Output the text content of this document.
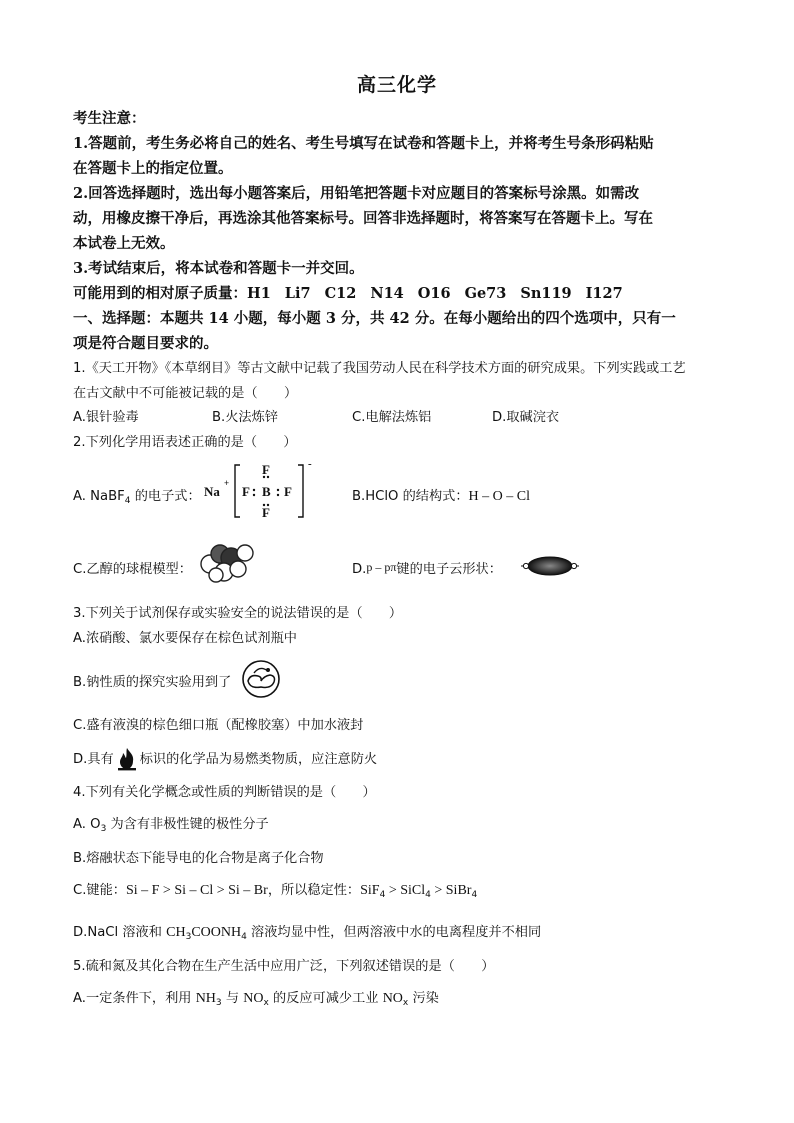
高三化学
考生注意：
1.答题前，考生务必将自己的姓名、考生号填写在试卷和答题卡上，并将考生号条形码粘贴
在答题卡上的指定位置。
2.回答选择题时，选出每小题答案后，用铅笔把答题卡对应题目的答案标号涂黑。如需改
动，用橡皮擦干净后，再选涂其他答案标号。回答非选择题时，将答案写在答题卡上。写在
本试卷上无效。
3.考试结束后，将本试卷和答题卡一并交回。
可能用到的相对原子质量：H1 Li7 C12 N14 O16 Ge73 Sn119 I127
一、选择题：本题共 14 小题，每小题 3 分，共 42 分。在每小题给出的四个选项中，只有一
项是符合题目要求的。
1.《天工开物》《本草纲目》等古文献中记载了我国劳动人民在科学技术方面的研究成果。下列实践或工艺
在古文献中不可能被记载的是（　　）
A.银针验毒	B.火法炼锌	C.电解法炼铝	D.取碱浣衣
2.下列化学用语表述正确的是（　　）
A. NaBF$_4$ 的电子式： Na
+
F B F
F
F
-
B.HClO 的结构式：H – O – Cl
C.乙醇的球棍模型：	D.p – pπ键的电子云形状：
3.下列关于试剂保存或实验安全的说法错误的是（　　）
A.浓硝酸、氯水要保存在棕色试剂瓶中
B.钠性质的探究实验用到了
C.盛有液溴的棕色细口瓶（配橡胶塞）中加水液封
D.具有 标识的化学品为易燃类物质，应注意防火
4.下列有关化学概念或性质的判断错误的是（　　）
A. $O_3$ 为含有非极性键的极性分子
B.熔融状态下能导电的化合物是离子化合物
C.键能：Si – F > Si – Cl > Si – Br，所以稳定性：SiF$_4$ > SiCl$_4$ > SiBr$_4$
D.NaCl 溶液和 $CH_3COONH_4$ 溶液均显中性，但两溶液中水的电离程度并不相同
5.硫和氮及其化合物在生产生活中应用广泛，下列叙述错误的是（　　）
A.一定条件下，利用 $NH_3$ 与 $NO_x$ 的反应可减少工业 $NO_x$ 污染
